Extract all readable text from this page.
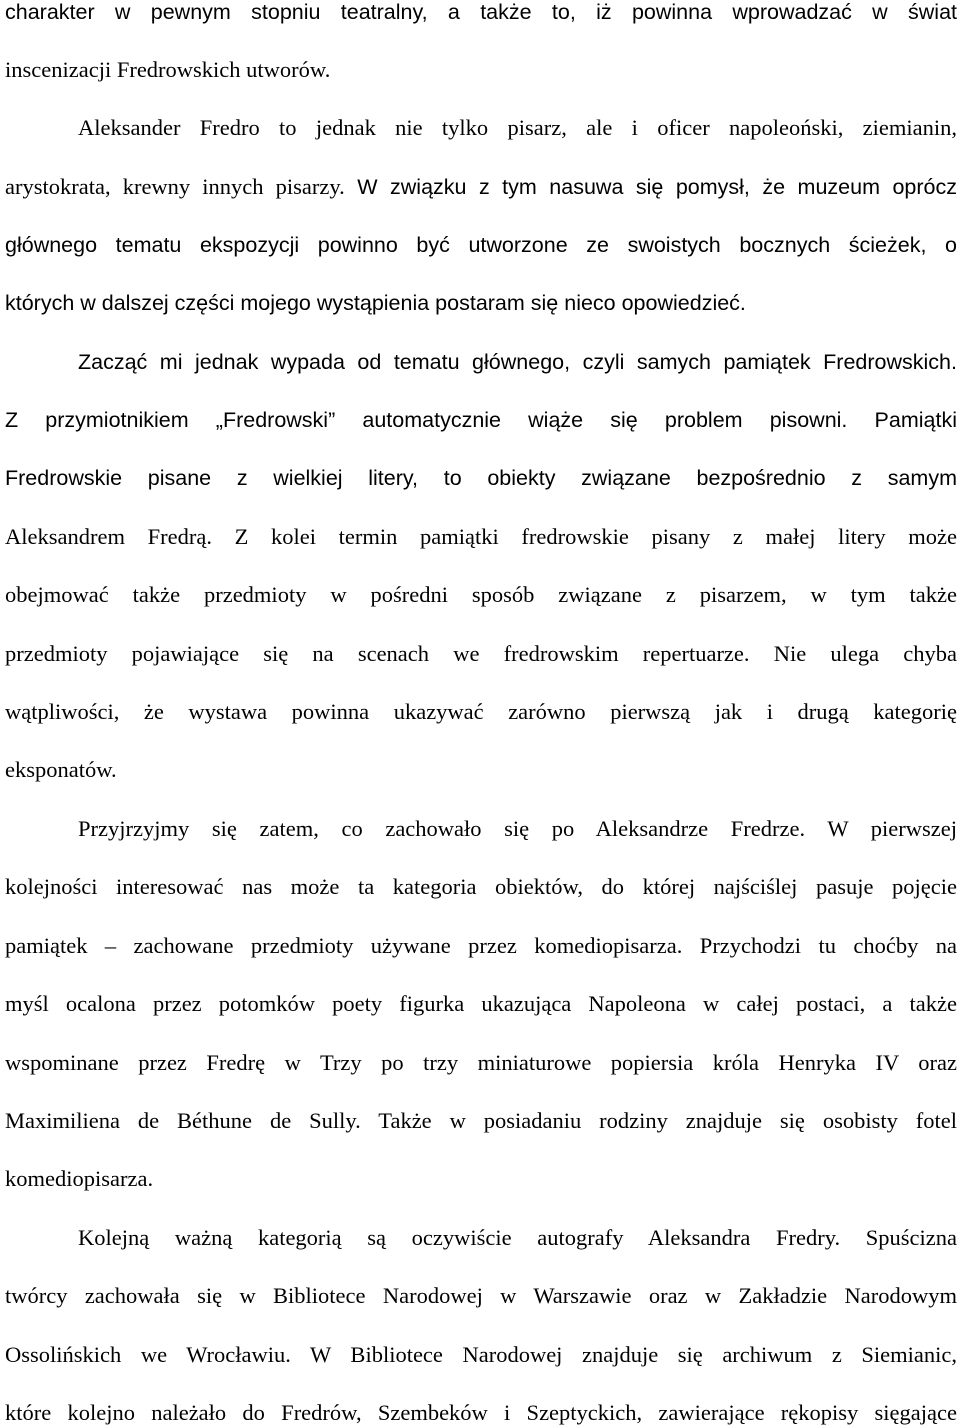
charakter w pewnym stopniu teatralny, a także to, iż powinna wprowadzać w świat

inscenizacji Fredrowskich utworów.

Aleksander Fredro to jednak nie tylko pisarz, ale i oficer napoleoński, ziemianin,

arystokrata, krewny innych pisarzy. W związku z tym nasuwa się pomysł, że muzeum oprócz

głównego tematu ekspozycji powinno być utworzone ze swoistych bocznych ścieżek, o

których w dalszej części mojego wystąpienia postaram się nieco opowiedzieć.

Zacząć mi jednak wypada od tematu głównego, czyli samych pamiątek Fredrowskich.

Z przymiotnikiem „Fredrowski” automatycznie wiąże się problem pisowni. Pamiątki

Fredrowskie pisane z wielkiej litery, to obiekty związane bezpośrednio z samym

Aleksandrem Fredrą. Z kolei termin pamiątki fredrowskie pisany z małej litery może

obejmować także przedmioty w pośredni sposób związane z pisarzem, w tym także

przedmioty pojawiające się na scenach we fredrowskim repertuarze. Nie ulega chyba

wątpliwości, że wystawa powinna ukazywać zarówno pierwszą jak i drugą kategorię

eksponatów.

Przyjrzyjmy się zatem, co zachowało się po Aleksandrze Fredrze. W pierwszej

kolejności interesować nas może ta kategoria obiektów, do której najściślej pasuje pojęcie

pamiątek – zachowane przedmioty używane przez komediopisarza. Przychodzi tu choćby na

myśl ocalona przez potomków poety figurka ukazująca Napoleona w całej postaci, a także

wspominane przez Fredrę w Trzy po trzy miniaturowe popiersia króla Henryka IV oraz

Maximiliena de Béthune de Sully. Także w posiadaniu rodziny znajduje się osobisty fotel

komediopisarza.

Kolejną ważną kategorią są oczywiście autografy Aleksandra Fredry. Spuścizna

twórcy zachowała się w Bibliotece Narodowej w Warszawie oraz w Zakładzie Narodowym

Ossolińskich we Wrocławiu. W Bibliotece Narodowej znajduje się archiwum z Siemianic,

które kolejno należało do Fredrów, Szembeków i Szeptyckich, zawierające rękopisy sięgające
